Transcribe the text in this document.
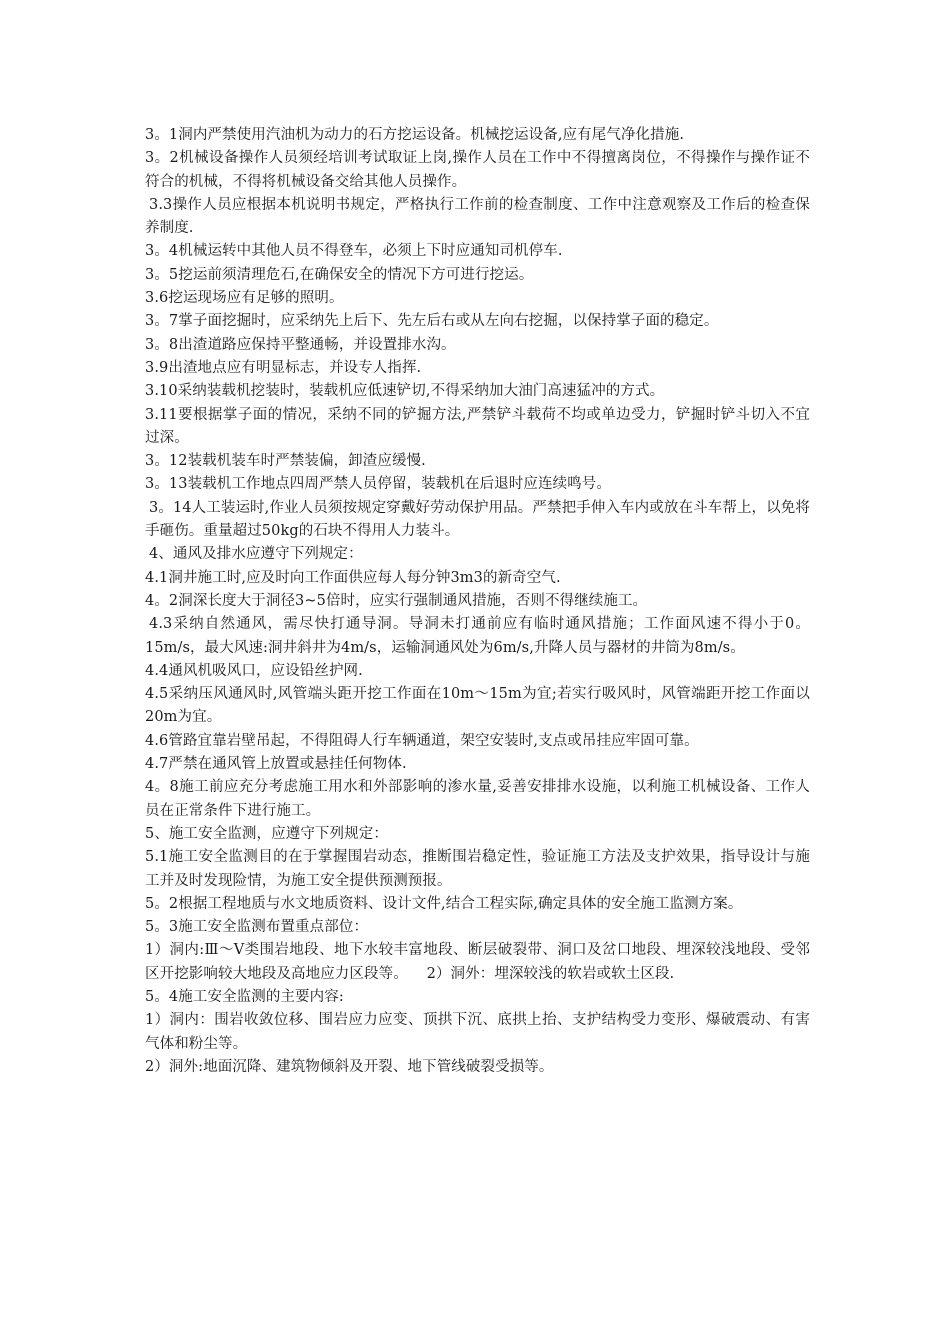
3。1洞内严禁使用汽油机为动力的石方挖运设备。机械挖运设备,应有尾气净化措施.

3。2机械设备操作人员须经培训考试取证上岗,操作人员在工作中不得擅离岗位，不得操作与操作证不符合的机械，不得将机械设备交给其他人员操作。

3.3操作人员应根据本机说明书规定，严格执行工作前的检查制度、工作中注意观察及工作后的检查保养制度.

3。4机械运转中其他人员不得登车，必须上下时应通知司机停车.

3。5挖运前须清理危石,在确保安全的情况下方可进行挖运。

3.6挖运现场应有足够的照明。

3。7掌子面挖掘时，应采纳先上后下、先左后右或从左向右挖掘，以保持掌子面的稳定。

3。8出渣道路应保持平整通畅，并设置排水沟。

3.9出渣地点应有明显标志，并设专人指挥.

3.10采纳装载机挖装时，装载机应低速铲切,不得采纳加大油门高速猛冲的方式。

3.11要根据掌子面的情况，采纳不同的铲掘方法,严禁铲斗载荷不均或单边受力，铲掘时铲斗切入不宜过深。

3。12装载机装车时严禁装偏，卸渣应缓慢.

3。13装载机工作地点四周严禁人员停留，装载机在后退时应连续鸣号。

3。14人工装运时,作业人员须按规定穿戴好劳动保护用品。严禁把手伸入车内或放在斗车帮上，以免将手砸伤。重量超过50kg的石块不得用人力装斗。

4、通风及排水应遵守下列规定：

4.1洞井施工时,应及时向工作面供应每人每分钟3m3的新奇空气.

4。2洞深长度大于洞径3~5倍时，应实行强制通风措施，否则不得继续施工。

4.3采纳自然通风，需尽快打通导洞。导洞未打通前应有临时通风措施；工作面风速不得小于0。15m/s，最大风速:洞井斜井为4m/s，运输洞通风处为6m/s,升降人员与器材的井筒为8m/s。

4.4通风机吸风口，应设铅丝护网.

4.5采纳压风通风时,风管端头距开挖工作面在10m～15m为宜;若实行吸风时，风管端距开挖工作面以20m为宜。

4.6管路宜靠岩壁吊起，不得阻碍人行车辆通道，架空安装时,支点或吊挂应牢固可靠。

4.7严禁在通风管上放置或悬挂任何物体.

4。8施工前应充分考虑施工用水和外部影响的渗水量,妥善安排排水设施，以利施工机械设备、工作人员在正常条件下进行施工。

5、施工安全监测，应遵守下列规定：

5.1施工安全监测目的在于掌握围岩动态，推断围岩稳定性，验证施工方法及支护效果，指导设计与施工并及时发现险情，为施工安全提供预测预报。

5。2根据工程地质与水文地质资料、设计文件,结合工程实际,确定具体的安全施工监测方案。

5。3施工安全监测布置重点部位：

1）洞内:Ⅲ～Ⅴ类围岩地段、地下水较丰富地段、断层破裂带、洞口及岔口地段、埋深较浅地段、受邻区开挖影响较大地段及高地应力区段等。    2）洞外：埋深较浅的软岩或软土区段.

5。4施工安全监测的主要内容:

1）洞内：围岩收敛位移、围岩应力应变、顶拱下沉、底拱上抬、支护结构受力变形、爆破震动、有害气体和粉尘等。

2）洞外:地面沉降、建筑物倾斜及开裂、地下管线破裂受损等。
